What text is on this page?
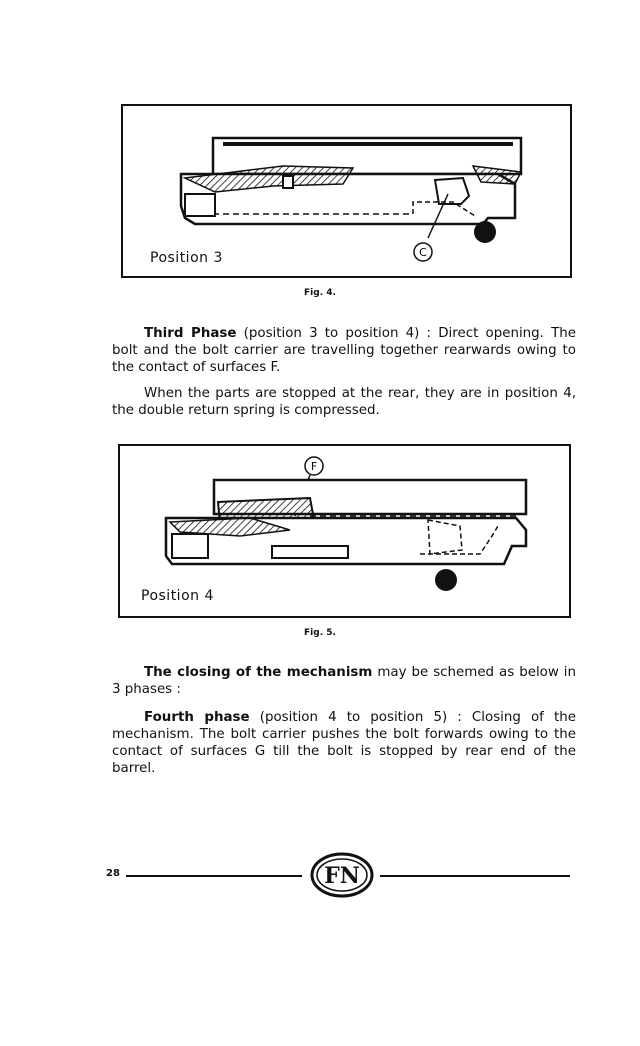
C
Position 3
Fig. 4.

Third Phase (position 3 to position 4) : Direct opening. The bolt and the bolt carrier are travelling together rearwards owing to the contact of surfaces F.

When the parts are stopped at the rear, they are in position 4, the double return spring is compressed.

F
Position 4
Fig. 5.

The closing of the mechanism may be schemed as below in 3 phases :

Fourth phase (position 4 to position 5) : Closing of the mechanism. The bolt carrier pushes the bolt forwards owing to the contact of surfaces G till the bolt is stopped by rear end of the barrel.

28	FN
